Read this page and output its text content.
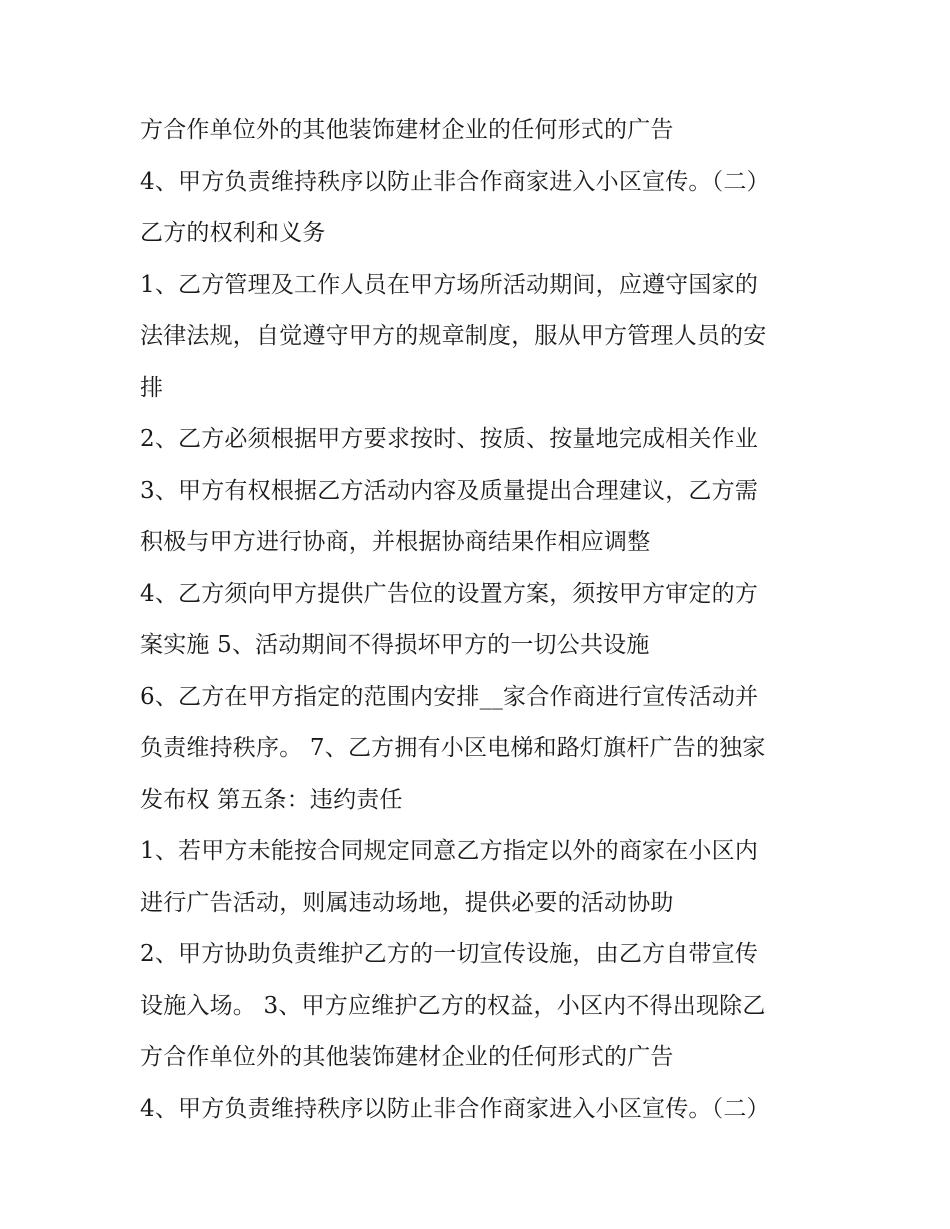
方合作单位外的其他装饰建材企业的任何形式的广告
4、甲方负责维持秩序以防止非合作商家进入小区宣传。（二）
乙方的权利和义务
1、乙方管理及工作人员在甲方场所活动期间，应遵守国家的
法律法规，自觉遵守甲方的规章制度，服从甲方管理人员的安
排
2、乙方必须根据甲方要求按时、按质、按量地完成相关作业
3、甲方有权根据乙方活动内容及质量提出合理建议，乙方需
积极与甲方进行协商，并根据协商结果作相应调整
4、乙方须向甲方提供广告位的设置方案，须按甲方审定的方
案实施 5、活动期间不得损坏甲方的一切公共设施
6、乙方在甲方指定的范围内安排__家合作商进行宣传活动并
负责维持秩序。 7、乙方拥有小区电梯和路灯旗杆广告的独家
发布权 第五条：违约责任
1、若甲方未能按合同规定同意乙方指定以外的商家在小区内
进行广告活动，则属违动场地，提供必要的活动协助
2、甲方协助负责维护乙方的一切宣传设施，由乙方自带宣传
设施入场。 3、甲方应维护乙方的权益，小区内不得出现除乙
方合作单位外的其他装饰建材企业的任何形式的广告
4、甲方负责维持秩序以防止非合作商家进入小区宣传。（二）
